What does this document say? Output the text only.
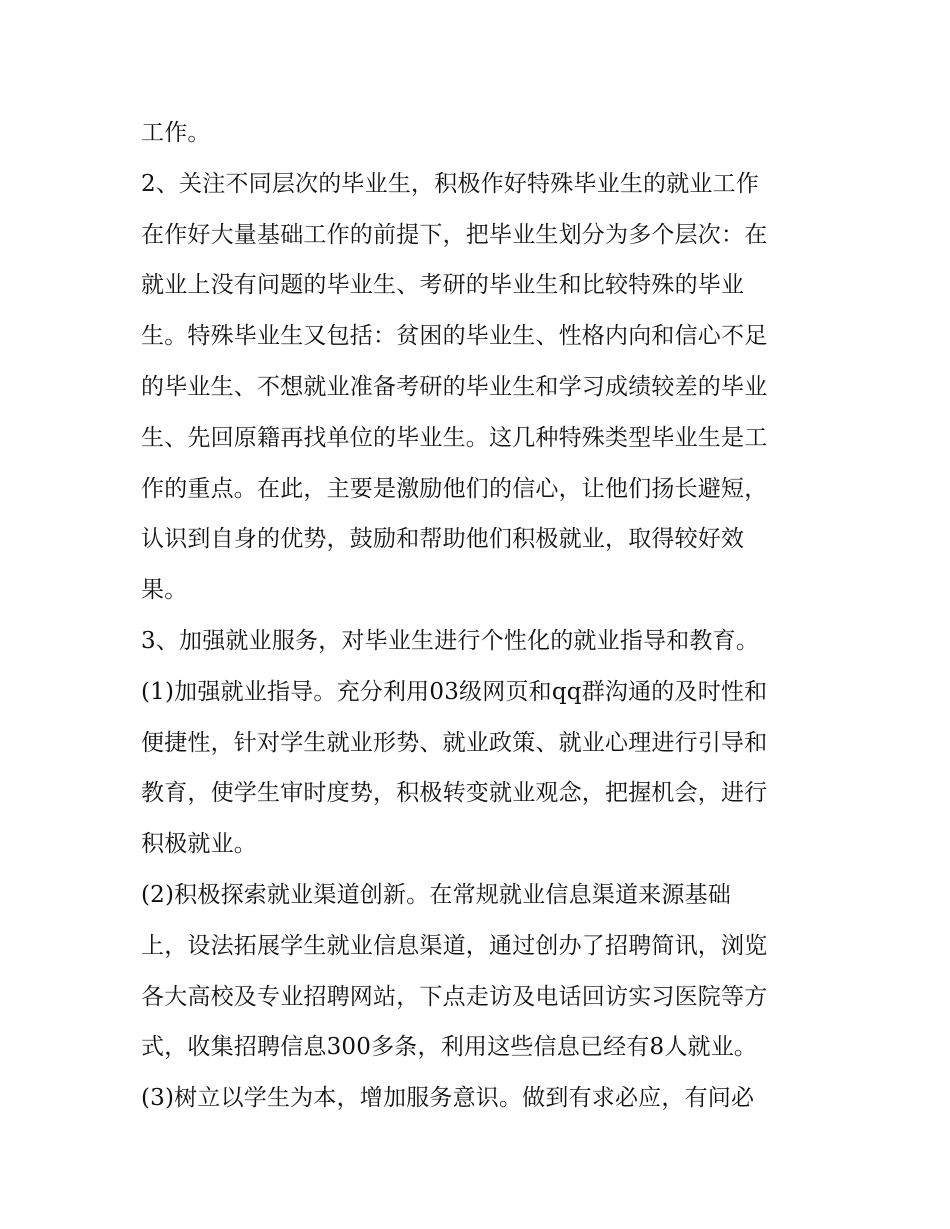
工作。
2、关注不同层次的毕业生，积极作好特殊毕业生的就业工作
在作好大量基础工作的前提下，把毕业生划分为多个层次：在
就业上没有问题的毕业生、考研的毕业生和比较特殊的毕业
生。特殊毕业生又包括：贫困的毕业生、性格内向和信心不足
的毕业生、不想就业准备考研的毕业生和学习成绩较差的毕业
生、先回原籍再找单位的毕业生。这几种特殊类型毕业生是工
作的重点。在此，主要是激励他们的信心，让他们扬长避短，
认识到自身的优势，鼓励和帮助他们积极就业，取得较好效
果。
3、加强就业服务，对毕业生进行个性化的就业指导和教育。
(1)加强就业指导。充分利用03级网页和qq群沟通的及时性和
便捷性，针对学生就业形势、就业政策、就业心理进行引导和
教育，使学生审时度势，积极转变就业观念，把握机会，进行
积极就业。
(2)积极探索就业渠道创新。在常规就业信息渠道来源基础
上，设法拓展学生就业信息渠道，通过创办了招聘简讯，浏览
各大高校及专业招聘网站，下点走访及电话回访实习医院等方
式，收集招聘信息300多条，利用这些信息已经有8人就业。
(3)树立以学生为本，增加服务意识。做到有求必应，有问必
